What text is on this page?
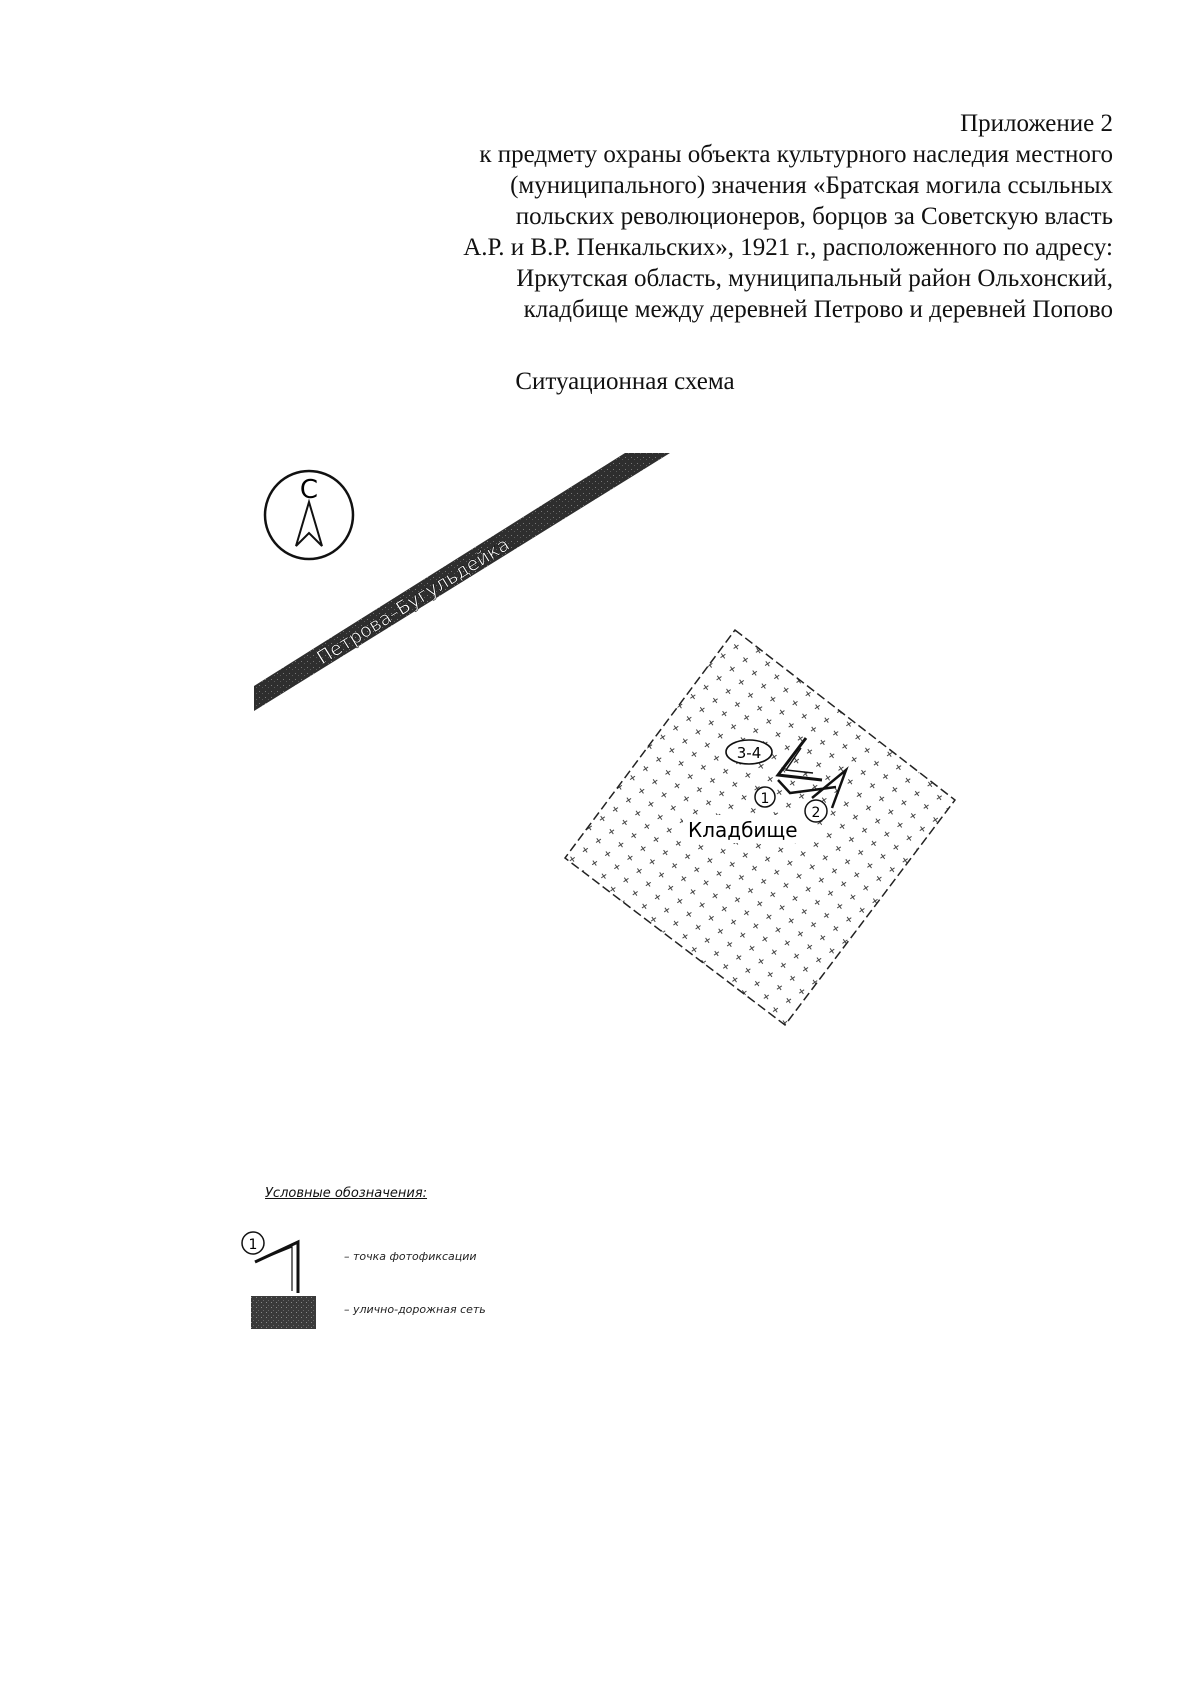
Приложение 2
к предмету охраны объекта культурного наследия местного
(муниципального) значения «Братская могила ссыльных
польских революционеров, борцов за Советскую власть
А.Р. и В.Р. Пенкальских», 1921 г., расположенного по адресу:
Иркутская область, муниципальный район Ольхонский,
кладбище между деревней Петрово и деревней Попово
Ситуационная схема
С
Петрова–Бугульдейка
Кладбище
3-4
1
2
1
Условные обозначения:
– точка фотофиксации
– улично-дорожная сеть
